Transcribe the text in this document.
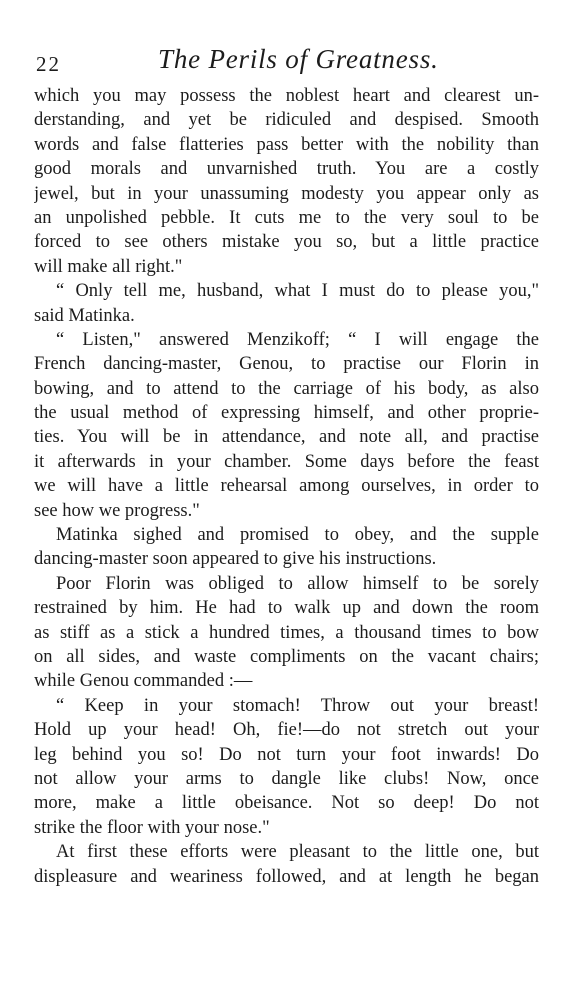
22	The Perils of Greatness.
which you may possess the noblest heart and clearest un-
derstanding, and yet be ridiculed and despised. Smooth
words and false flatteries pass better with the nobility than
good morals and unvarnished truth. You are a costly
jewel, but in your unassuming modesty you appear only as
an unpolished pebble. It cuts me to the very soul to be
forced to see others mistake you so, but a little practice
will make all right."
“ Only tell me, husband, what I must do to please you,"
said Matinka.
“ Listen," answered Menzikoff; “ I will engage the
French dancing-master, Genou, to practise our Florin in
bowing, and to attend to the carriage of his body, as also
the usual method of expressing himself, and other proprie-
ties. You will be in attendance, and note all, and practise
it afterwards in your chamber. Some days before the feast
we will have a little rehearsal among ourselves, in order to
see how we progress."
Matinka sighed and promised to obey, and the supple
dancing-master soon appeared to give his instructions.
Poor Florin was obliged to allow himself to be sorely
restrained by him. He had to walk up and down the room
as stiff as a stick a hundred times, a thousand times to bow
on all sides, and waste compliments on the vacant chairs;
while Genou commanded :—
“ Keep in your stomach! Throw out your breast!
Hold up your head! Oh, fie!—do not stretch out your
leg behind you so! Do not turn your foot inwards! Do
not allow your arms to dangle like clubs! Now, once
more, make a little obeisance. Not so deep! Do not
strike the floor with your nose."
At first these efforts were pleasant to the little one, but
displeasure and weariness followed, and at length he began
